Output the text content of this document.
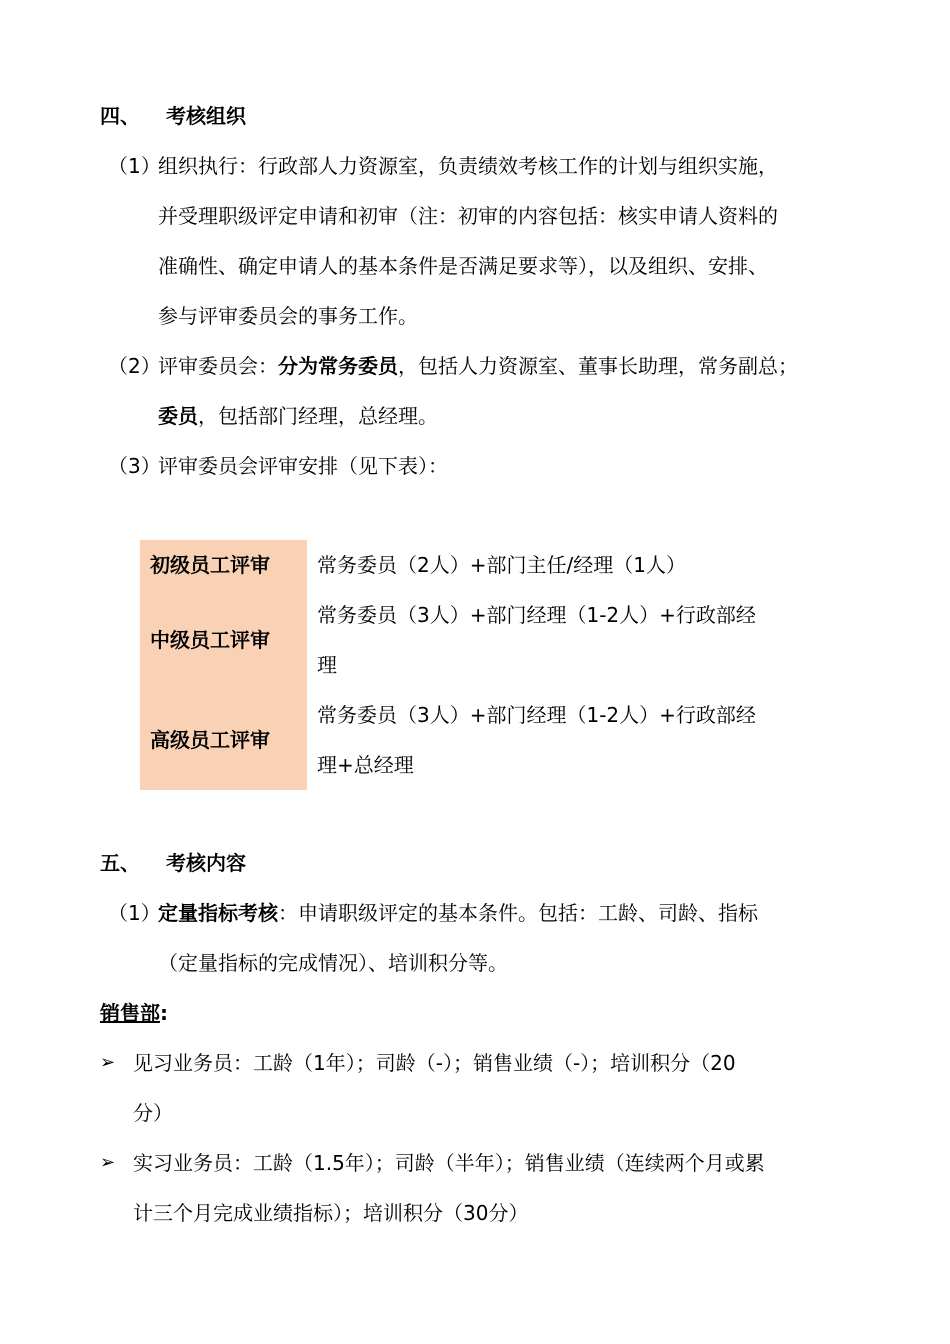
四、 考核组织
（1）
组织执行：行政部人力资源室，负责绩效考核工作的计划与组织实施，
并受理职级评定申请和初审（注：初审的内容包括：核实申请人资料的
准确性、确定申请人的基本条件是否满足要求等），以及组织、安排、
参与评审委员会的事务工作。
（2）
评审委员会：分为常务委员，包括人力资源室、董事长助理，常务副总；
委员，包括部门经理，总经理。
（3）
评审委员会评审安排（见下表）：
初级员工评审	常务委员（2人）+部门主任/经理（1人）

中级员工评审	常务委员（3人）+部门经理（1-2人）+行政部经
理

高级员工评审	常务委员（3人）+部门经理（1-2人）+行政部经
理+总经理
五、 考核内容
（1）
定量指标考核：申请职级评定的基本条件。包括：工龄、司龄、指标
（定量指标的完成情况）、培训积分等。
销售部:
➢ 见习业务员：工龄（1年）；司龄（-）；销售业绩（-）；培训积分（20
分）
➢ 实习业务员：工龄（1.5年）；司龄（半年）；销售业绩（连续两个月或累
计三个月完成业绩指标）；培训积分（30分）
